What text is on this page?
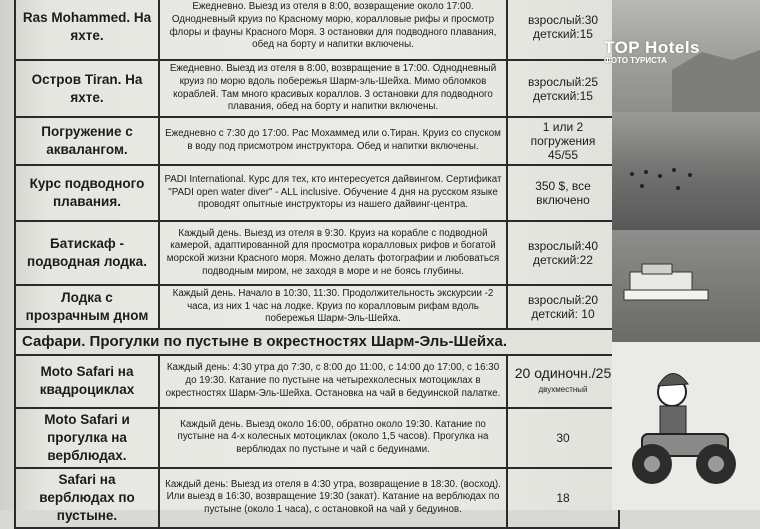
Ras Mohammed. На яхте.	Ежедневно. Выезд из отеля в 8:00, возвращение около 17:00. Однодневный круиз по Красному морю, коралловые рифы и просмотр флоры и фауны Красного Моря. 3 остановки для подводного плавания, обед на борту и напитки включены.	взрослый:30
детский:15
Остров Tiran. На яхте.	Ежедневно. Выезд из отеля в 8:00, возвращение в 17:00. Однодневный круиз по морю вдоль побережья Шарм-эль-Шейха. Мимо обломков кораблей. Там много красивых кораллов. 3 остановки для подводного плавания, обед на борту и напитки включены.	взрослый:25
детский:15
Погружение с аквалангом.	Ежедневно с 7:30 до 17:00. Рас Мохаммед или о.Тиран. Круиз со спуском в воду под присмотром инструктора. Обед и напитки включены.	1 или 2 погружения
45/55
Курс подводного плавания.	PADI International. Курс для тех, кто интересуется дайвингом. Сертификат "PADI open water diver" - ALL inclusive. Обучение 4 дня на русском языке проводят опытные инструкторы из нашего дайвинг-центра.	350 $, все
включено
Батискаф - подводная лодка.	Каждый день. Выезд из отеля в 9:30. Круиз на корабле с подводной камерой, адаптированной для просмотра коралловых рифов и богатой морской жизни Красного моря. Можно делать фотографии и любоваться подводным миром, не заходя в море и не боясь глубины.	взрослый:40
детский:22
Лодка с прозрачным дном	Каждый день. Начало в 10:30, 11:30. Продолжительность экскурсии -2 часа, из них 1 час на лодке. Круиз по коралловым рифам вдоль побережья Шарм-Эль-Шейха.	взрослый:20
детский: 10
Сафари. Прогулки по пустыне в окрестностях Шарм-Эль-Шейха.		
Moto Safari на квадроциклах	Каждый день: 4:30 утра до 7:30, с 8:00 до 11:00, с 14:00 до 17:00, с 16:30 до 19:30. Катание по пустыне на четырехколесных мотоциклах в окрестностях Шарм-Эль-Шейха. Остановка на чай в бедуинской палатке.	20 одиночн./25
двухместный
Moto Safari и прогулка на верблюдах.	Каждый день. Выезд около 16:00, обратно около 19:30. Катание по пустыне на 4-х колесных мотоциклах (около 1,5 часов). Прогулка на верблюдах по пустыне и чай с бедуинами.	30
Safari на верблюдах по пустыне.	Каждый день: Выезд из отеля в 4:30 утра, возвращение в 18:30. (восход). Или выезд в 16:30, возвращение 19:30 (закат). Катание на верблюдах по пустыне (около 1 часа), с остановкой на чай у бедуинов.	18
TOP Hotels
ФОТО ТУРИСТА
